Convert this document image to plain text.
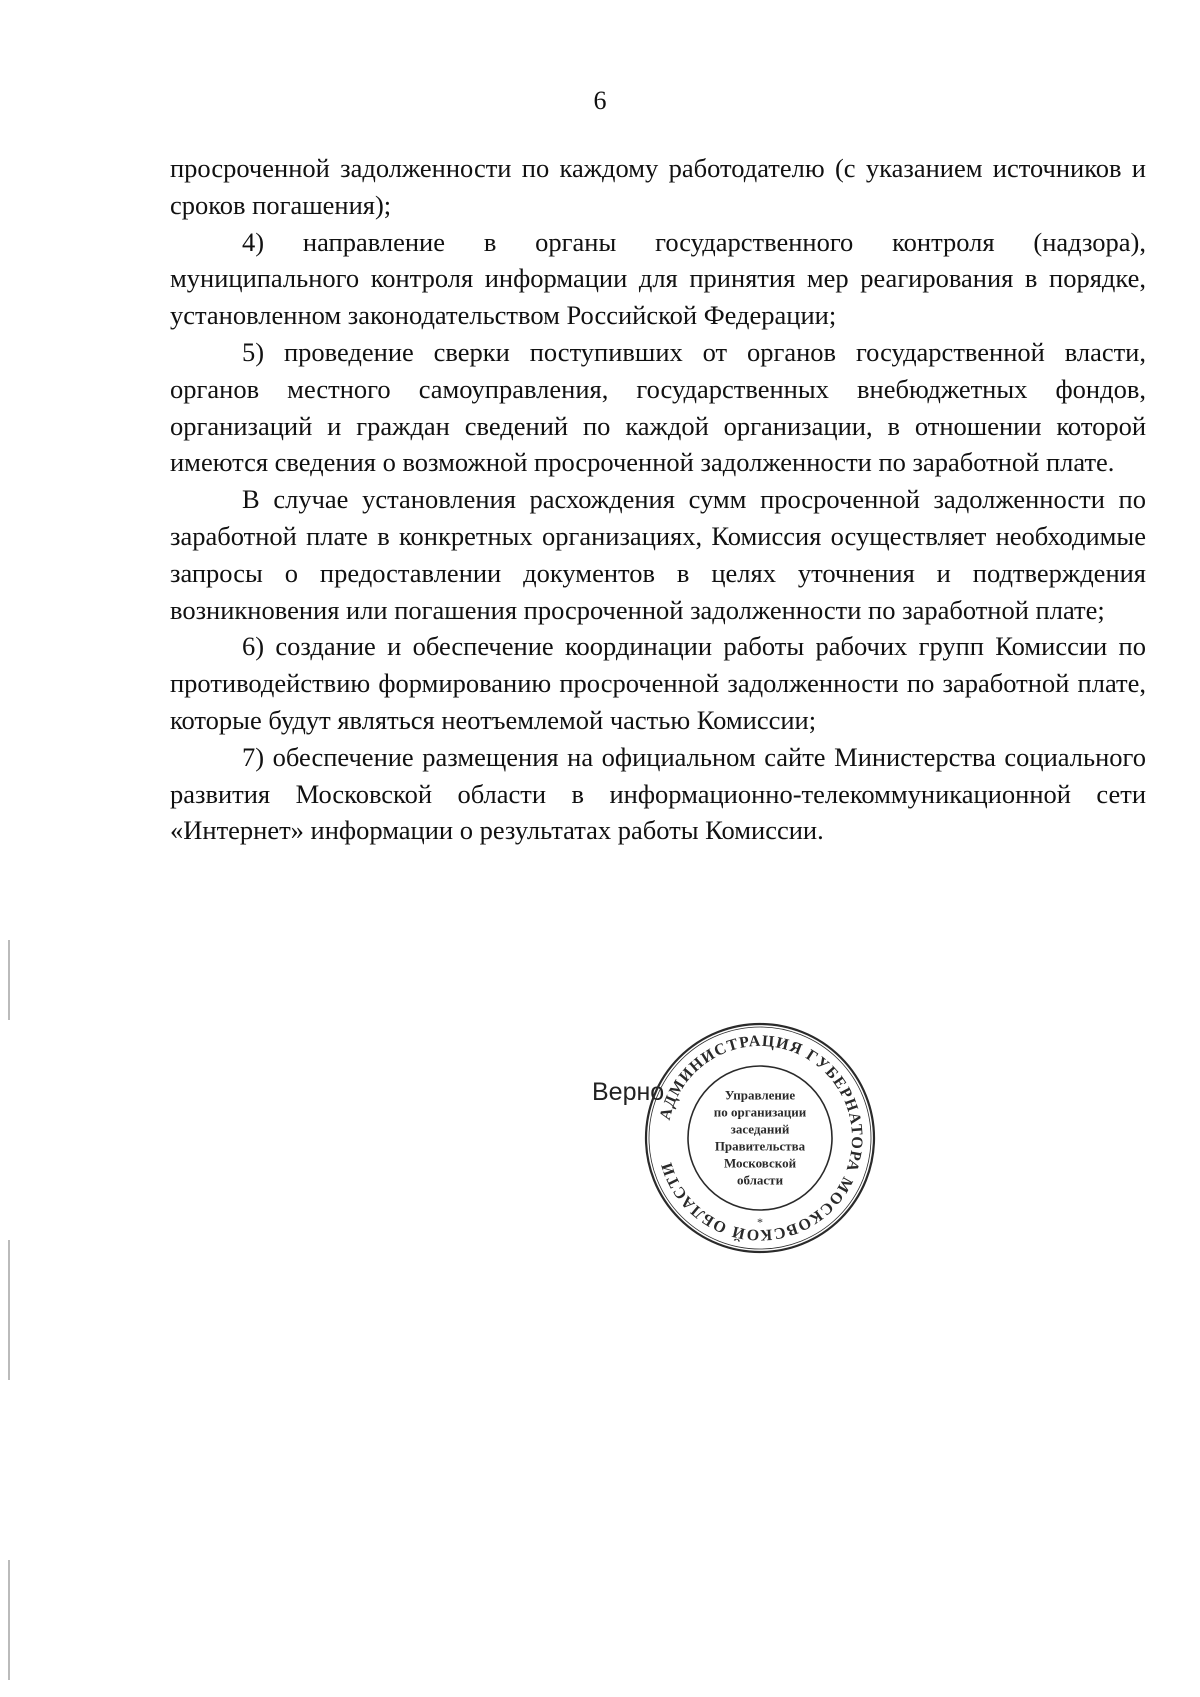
6

просроченной задолженности по каждому работодателю (с указанием источников и сроков погашения);

4) направление в органы государственного контроля (надзора), муниципального контроля информации для принятия мер реагирования в порядке, установленном законодательством Российской Федерации;

5) проведение сверки поступивших от органов государственной власти, органов местного самоуправления, государственных внебюджетных фондов, организаций и граждан сведений по каждой организации, в отношении которой имеются сведения о возможной просроченной задолженности по заработной плате.

В случае установления расхождения сумм просроченной задолженности по заработной плате в конкретных организациях, Комиссия осуществляет необходимые запросы о предоставлении документов в целях уточнения и подтверждения возникновения или погашения просроченной задолженности по заработной плате;

6) создание и обеспечение координации работы рабочих групп Комиссии по противодействию формированию просроченной задолженности по заработной плате, которые будут являться неотъемлемой частью Комиссии;

7) обеспечение размещения на официальном сайте Министерства социального развития Московской области в информационно-телекоммуникационной сети «Интернет» информации о результатах работы Комиссии.

Верно
АДМИНИСТРАЦИЯ ГУБЕРНАТОРА МОСКОВСКОЙ ОБЛАСТИ
Управление
по организации
заседаний
Правительства
Московской
области
*
